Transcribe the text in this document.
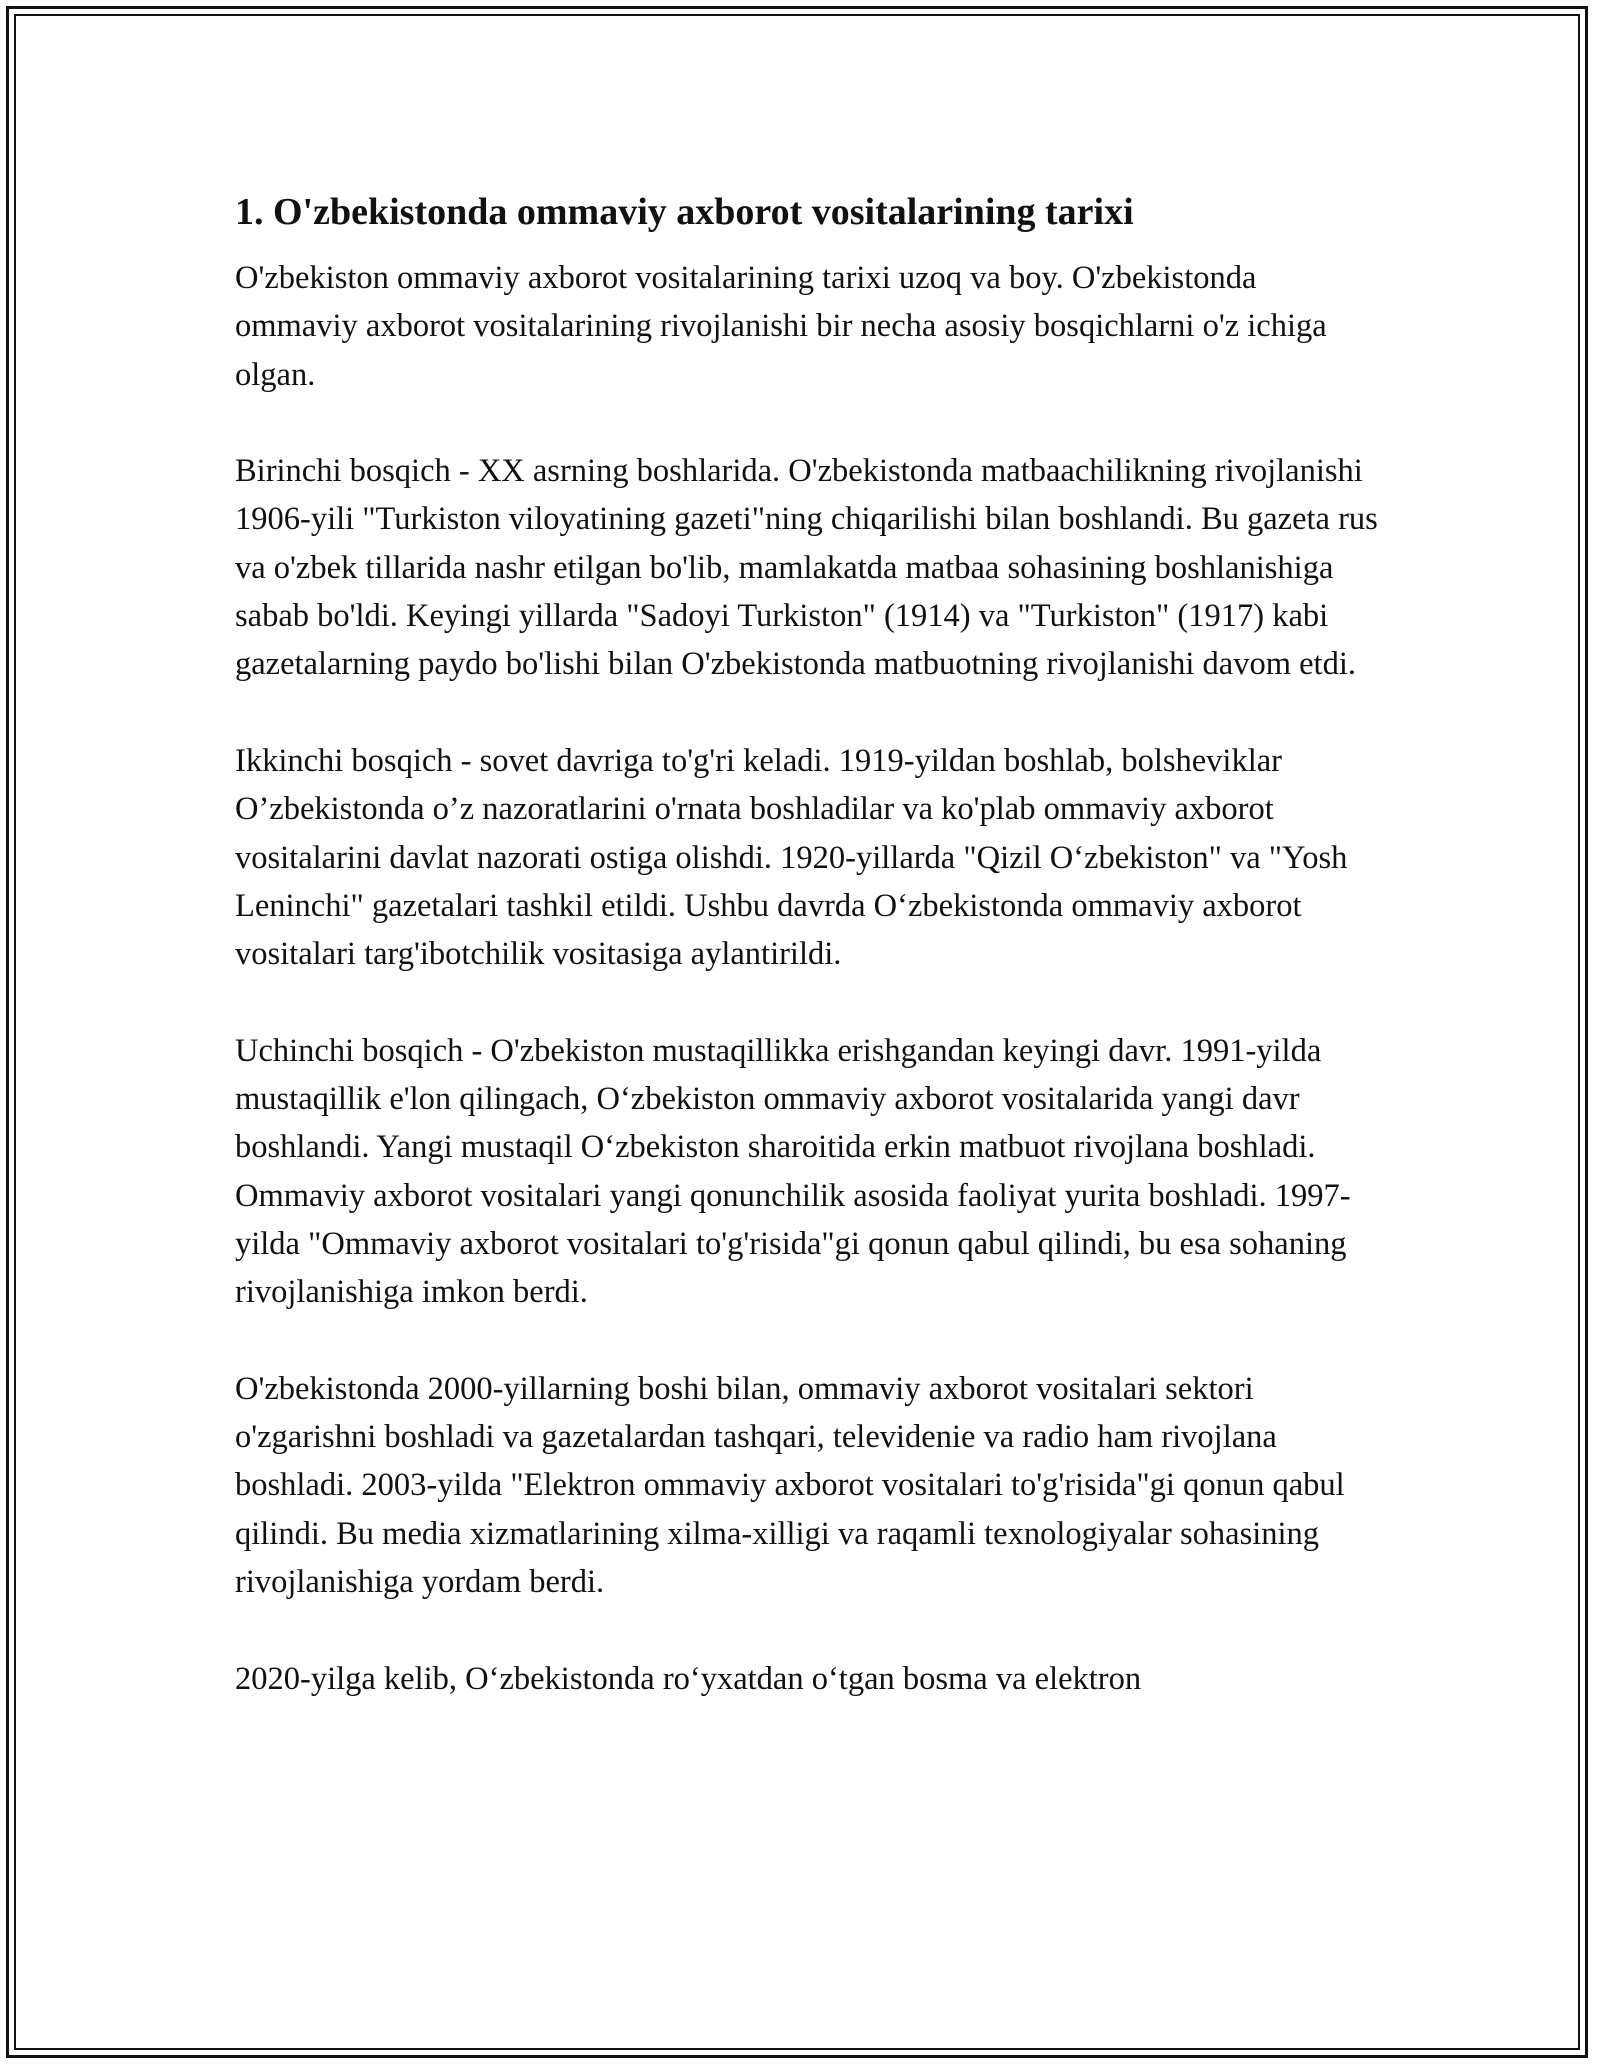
1. O'zbekistonda ommaviy axborot vositalarining tarixi

O'zbekiston ommaviy axborot vositalarining tarixi uzoq va boy. O'zbekistonda ommaviy axborot vositalarining rivojlanishi bir necha asosiy bosqichlarni o'z ichiga olgan.

Birinchi bosqich - XX asrning boshlarida. O'zbekistonda matbaachilikning rivojlanishi 1906-yili "Turkiston viloyatining gazeti"ning chiqarilishi bilan boshlandi. Bu gazeta rus va o'zbek tillarida nashr etilgan bo'lib, mamlakatda matbaa sohasining boshlanishiga sabab bo'ldi. Keyingi yillarda "Sadoyi Turkiston" (1914) va "Turkiston" (1917) kabi gazetalarning paydo bo'lishi bilan O'zbekistonda matbuotning rivojlanishi davom etdi.

Ikkinchi bosqich - sovet davriga to'g'ri keladi. 1919-yildan boshlab, bolsheviklar O’zbekistonda o’z nazoratlarini o'rnata boshladilar va ko'plab ommaviy axborot vositalarini davlat nazorati ostiga olishdi. 1920-yillarda "Qizil O‘zbekiston" va "Yosh Leninchi" gazetalari tashkil etildi. Ushbu davrda O‘zbekistonda ommaviy axborot vositalari targ'ibotchilik vositasiga aylantirildi.

Uchinchi bosqich - O'zbekiston mustaqillikka erishgandan keyingi davr. 1991-yilda mustaqillik e'lon qilingach, O‘zbekiston ommaviy axborot vositalarida yangi davr boshlandi. Yangi mustaqil O‘zbekiston sharoitida erkin matbuot rivojlana boshladi. Ommaviy axborot vositalari yangi qonunchilik asosida faoliyat yurita boshladi. 1997-yilda "Ommaviy axborot vositalari to'g'risida"gi qonun qabul qilindi, bu esa sohaning rivojlanishiga imkon berdi.

O'zbekistonda 2000-yillarning boshi bilan, ommaviy axborot vositalari sektori o'zgarishni boshladi va gazetalardan tashqari, televidenie va radio ham rivojlana boshladi. 2003-yilda "Elektron ommaviy axborot vositalari to'g'risida"gi qonun qabul qilindi. Bu media xizmatlarining xilma-xilligi va raqamli texnologiyalar sohasining rivojlanishiga yordam berdi.

2020-yilga kelib, O‘zbekistonda ro‘yxatdan o‘tgan bosma va elektron
